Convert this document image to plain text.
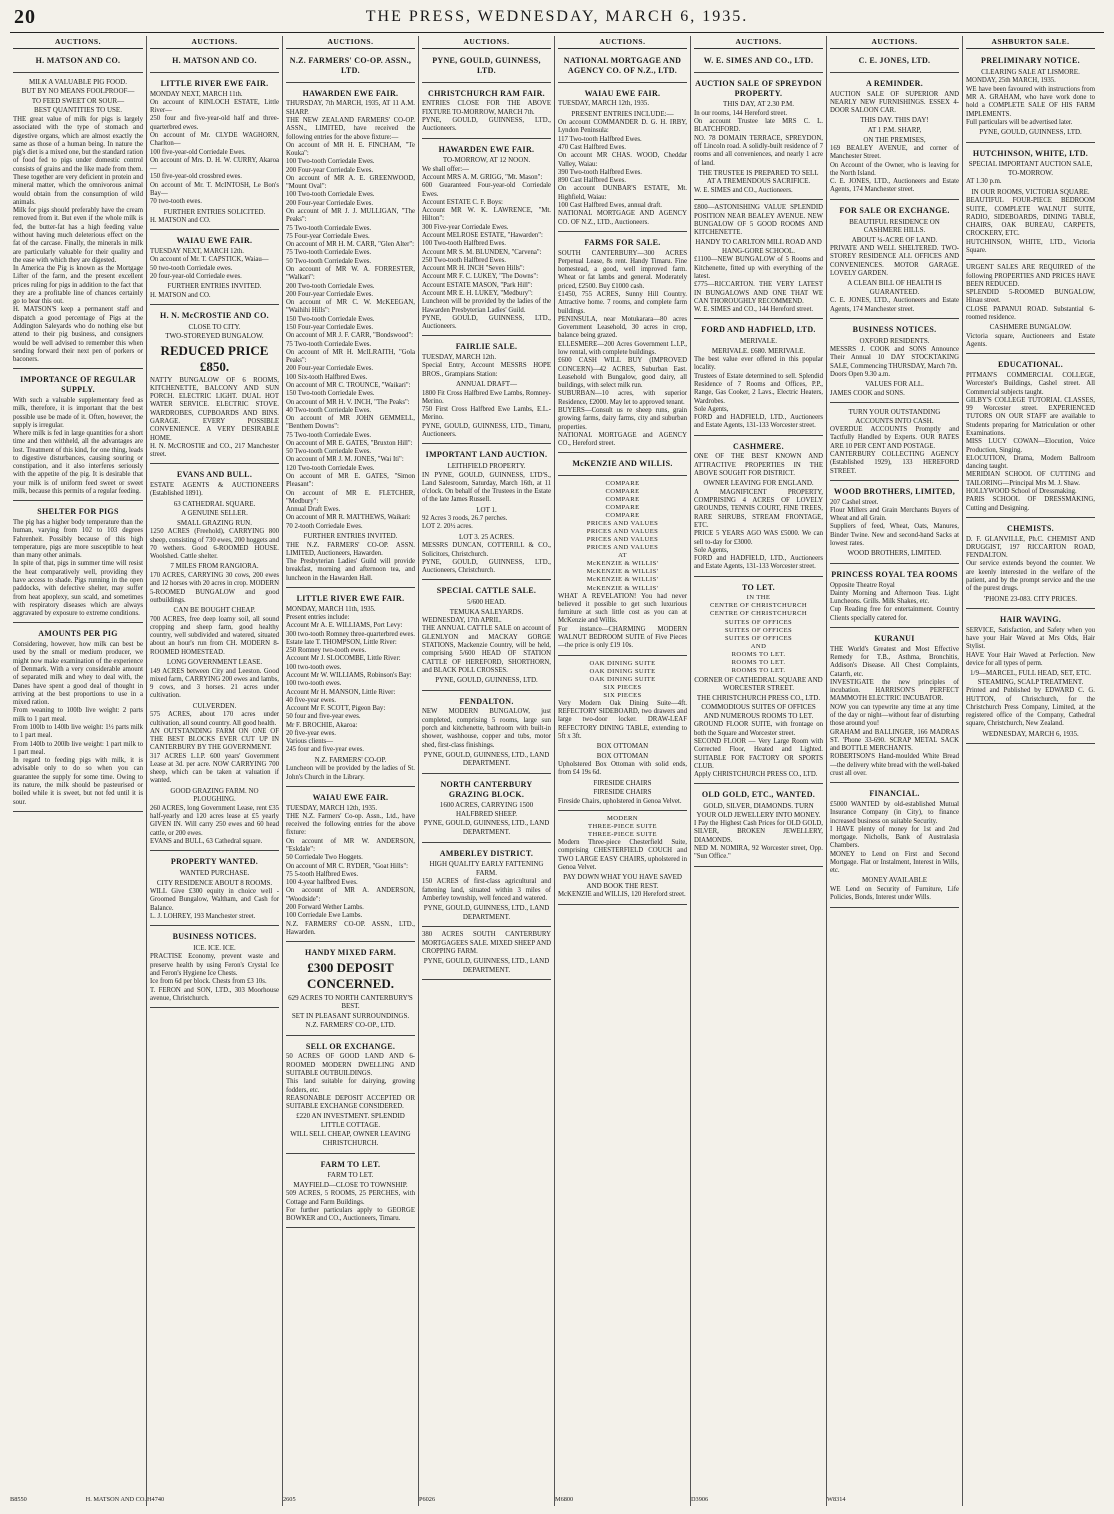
20	THE PRESS, WEDNESDAY, MARCH 6, 1935.
AUCTIONS.
H. MATSON AND CO.

MILK A VALUABLE PIG FOOD.

BUT BY NO MEANS FOOLPROOF—

TO FEED SWEET OR SOUR—

BEST QUANTITIES TO USE.

THE great value of milk for pigs is largely associated with the type of stomach and digestive organs, which are almost exactly the same as those of a human being. In nature the pig's diet is a mixed one, but the standard ration of food fed to pigs under domestic control consists of grains and the like made from them. These together are very deficient in protein and mineral matter, which the omnivorous animal would obtain from the consumption of wild animals.

Milk for pigs should preferably have the cream removed from it. But even if the whole milk is fed, the butter-fat has a high feeding value without having much deleterious effect on the fat of the carcase. Finally, the minerals in milk are particularly valuable for their quality and the ease with which they are digested.

In America the Pig is known as the Mortgage Lifter of the farm, and the present excellent prices ruling for pigs in addition to the fact that they are a profitable line of chances certainly go to bear this out.

H. MATSON'S keep a permanent staff and dispatch a good percentage of Pigs at the Addington Saleyards who do nothing else but attend to their pig business, and consigners would be well advised to remember this when sending forward their next pen of porkers or baconers.

IMPORTANCE OF REGULAR SUPPLY.

With such a valuable supplementary feed as milk, therefore, it is important that the best possible use be made of it. Often, however, the supply is irregular.

Where milk is fed in large quantities for a short time and then withheld, all the advantages are lost. Treatment of this kind, for one thing, leads to digestive disturbances, causing souring or constipation, and it also interferes seriously with the appetite of the pig. It is desirable that your milk is of uniform feed sweet or sweet milk, because this permits of a regular feeding.

SHELTER FOR PIGS

The pig has a higher body temperature than the human, varying from 102 to 103 degrees Fahrenheit. Possibly because of this high temperature, pigs are more susceptible to heat than many other animals.

In spite of that, pigs in summer time will resist the heat comparatively well, providing they have access to shade. Pigs running in the open paddocks, with defective shelter, may suffer from heat apoplexy, sun scald, and sometimes with respiratory diseases which are always aggravated by exposure to extreme conditions.

AMOUNTS PER PIG

Considering, however, how milk can best be used by the small or medium producer, we might now make examination of the experience of Denmark. With a very considerable amount of separated milk and whey to deal with, the Danes have spent a good deal of thought in arriving at the best proportions to use in a mixed ration.

From weaning to 100lb live weight: 2 parts milk to 1 part meal.

From 100lb to 140lb live weight: 1½ parts milk to 1 part meal.

From 140lb to 200lb live weight: 1 part milk to 1 part meal.

In regard to feeding pigs with milk, it is advisable only to do so when you can guarantee the supply for some time. Owing to its nature, the milk should be pasteurised or boiled while it is sweet, but not fed until it is sour.

B8550	H. MATSON AND CO.
AUCTIONS.
H. MATSON AND CO.
LITTLE RIVER EWE FAIR.

MONDAY NEXT, MARCH 11th.

On account of KINLOCH ESTATE, Little River—

250 four and five-year-old half and three-quarterbred ewes.

On account of Mr. CLYDE WAGHORN, Charlton—

100 five-year-old Corriedale Ewes.

On account of Mrs. D. H. W. CURRY, Akaroa—

150 five-year-old crossbred ewes.

On account of Mr. T. McINTOSH, Le Bon's Bay—

70 two-tooth ewes.

FURTHER ENTRIES SOLICITED.

H. MATSON and CO.

WAIAU EWE FAIR.

TUESDAY NEXT, MARCH 12th.

On account of Mr. T. CAPSTICK, Waiau—

50 two-tooth Corriedale ewes.

20 four-year-old Corriedale ewes.

FURTHER ENTRIES INVITED.

H. MATSON and CO.

H. N. McCROSTIE AND CO.

CLOSE TO CITY.

TWO-STOREYED BUNGALOW.

REDUCED PRICE £850.

NATTY BUNGALOW OF 6 ROOMS, KITCHENETTE, BALCONY AND SUN PORCH. ELECTRIC LIGHT. DUAL HOT WATER SERVICE. ELECTRIC STOVE. WARDROBES, CUPBOARDS AND BINS. GARAGE. EVERY POSSIBLE CONVENIENCE. A VERY DESIRABLE HOME.

H. N. McCROSTIE and CO., 217 Manchester street.

EVANS AND BULL.

ESTATE AGENTS & AUCTIONEERS (Established 1891).

63 CATHEDRAL SQUARE.

A GENUINE SELLER.

SMALL GRAZING RUN.

1250 ACRES (Freehold), CARRYING 800 sheep, consisting of 730 ewes, 200 hoggets and 70 wethers. Good 6-ROOMED HOUSE. Woolshed. Cattle shelter.

7 MILES FROM RANGIORA.

170 ACRES, CARRYING 30 cows, 200 ewes and 12 horses with 20 acres in crop. MODERN 5-ROOMED BUNGALOW and good outbuildings.

CAN BE BOUGHT CHEAP.

700 ACRES, free deep loamy soil, all sound cropping and sheep farm, good healthy country, well subdivided and watered, situated about an hour's run from CH. MODERN 8-ROOMED HOMESTEAD.

LONG GOVERNMENT LEASE.

149 ACRES between City and Leeston. Good mixed farm, CARRYING 200 ewes and lambs, 9 cows, and 3 horses. 21 acres under cultivation.

CULVERDEN.

575 ACRES, about 170 acres under cultivation, all sound country. All good health.

AN OUTSTANDING FARM ON ONE OF THE BEST BLOCKS EVER CUT UP IN CANTERBURY BY THE GOVERNMENT.

317 ACRES L.I.P. 600 years' Government Lease at 3d. per acre. NOW CARRYING 700 sheep, which can be taken at valuation if wanted.

GOOD GRAZING FARM. NO PLOUGHING.

260 ACRES, long Government Lease, rent £35 half-yearly and 120 acres lease at £5 yearly GIVEN IN. Will carry 250 ewes and 60 head cattle, or 200 ewes.

EVANS and BULL, 63 Cathedral square.

PROPERTY WANTED.

WANTED PURCHASE.

CITY RESIDENCE ABOUT 8 ROOMS.

WILL Give £300 equity in choice well - Groomed Bungalow, Waltham, and Cash for Balance.

L. J. LOHREY, 193 Manchester street.

BUSINESS NOTICES.

ICE. ICE. ICE.

PRACTISE Economy, prevent waste and preserve health by using Feron's Crystal Ice and Feron's Hygiene Ice Chests.

Ice from 6d per block. Chests from £3 10s.

T. FERON and SON, LTD., 303 Moorhouse avenue, Christchurch.

H4740
AUCTIONS.
N.Z. FARMERS' CO-OP. ASSN., LTD.
HAWARDEN EWE FAIR.

THURSDAY, 7th MARCH, 1935, AT 11 A.M. SHARP.

THE NEW ZEALAND FARMERS' CO-OP. ASSN., LIMITED, have received the following entries for the above fixture:—

On account of MR H. E. FINCHAM, "Te Kouka":

100 Two-tooth Corriedale Ewes.

200 Four-year Corriedale Ewes.

On account of MR A. E. GREENWOOD, "Mount Oval":

100 Two-tooth Corriedale Ewes.

200 Four-year Corriedale Ewes.

On account of MR J. J. MULLIGAN, "The Peaks":

75 Two-tooth Corriedale Ewes.

75 Four-year Corriedale Ewes.

On account of MR H. M. CARR, "Glen Alter":

75 Two-tooth Corriedale Ewes.

50 Two-tooth Corriedale Ewes.

On account of MR W. A. FORRESTER, "Walkari":

200 Two-tooth Corriedale Ewes.

200 Four-year Corriedale Ewes.

On account of MR C. W. McKEEGAN, "Waihihi Hills":

150 Two-tooth Corriedale Ewes.

150 Four-year Corriedale Ewes.

On account of MR J. F. CARR, "Bondswood":

75 Two-tooth Corriedale Ewes.

On account of MR H. McILRAITH, "Gola Peaks":

200 Four-year Corriedale Ewes.

100 Six-tooth Halfbred Ewes.

On account of MR C. TROUNCE, "Waikari":

150 Two-tooth Corriedale Ewes.

On account of MR H. V. INCH, "The Peaks":

40 Two-tooth Corriedale Ewes.

On account of MR JOHN GEMMELL, "Benthem Downs":

75 Two-tooth Corriedale Ewes.

On account of MR E. GATES, "Bruxton Hill":

50 Two-tooth Corriedale Ewes.

On account of MR J. M. JONES, "Wai Iti":

120 Two-tooth Corriedale Ewes.

On account of MR E. GATES, "Simon Pleasant":

On account of MR E. FLETCHER, "Medbury":

Annual Draft Ewes.

On account of MR R. MATTHEWS, Waikari:

70 2-tooth Corriedale Ewes.

FURTHER ENTRIES INVITED.

THE N.Z. FARMERS' CO-OP. ASSN. LIMITED, Auctioneers, Hawarden.

The Presbyterian Ladies' Guild will provide breakfast, morning and afternoon tea, and luncheon in the Hawarden Hall.

LITTLE RIVER EWE FAIR.

MONDAY, MARCH 11th, 1935.

Present entries include:

Account Mr A. E. WILLIAMS, Port Levy:

300 two-tooth Romney three-quarterbred ewes.

Estate late T. THOMPSON, Little River:

250 Romney two-tooth ewes.

Account Mr J. SLOCOMBE, Little River:

100 two-tooth ewes.

Account Mr W. WILLIAMS, Robinson's Bay:

100 two-tooth ewes.

Account Mr H. MANSON, Little River:

40 five-year ewes.

Account Mr F. SCOTT, Pigeon Bay:

50 four and five-year ewes.

Mr F. BROCHIE, Akaroa:

20 five-year ewes.

Various clients—

245 four and five-year ewes.

N.Z. FARMERS' CO-OP.

Luncheon will be provided by the ladies of St. John's Church in the Library.

WAIAU EWE FAIR.

TUESDAY, MARCH 12th, 1935.

THE N.Z. Farmers' Co-op. Assn., Ltd., have received the following entries for the above fixture:

On account of MR W. ANDERSON, "Eskdale":

50 Corriedale Two Hoggets.

On account of MR C. RYDER, "Goat Hills":

75 5-tooth Halfbred Ewes.

100 4-year halfbred Ewes.

On account of MR A. ANDERSON, "Woodside":

200 Forward Wether Lambs.

100 Corriedale Ewe Lambs.

N.Z. FARMERS' CO-OP. ASSN., LTD., Hawarden.

HANDY MIXED FARM.

£300 DEPOSIT CONCERNED.

629 ACRES TO NORTH CANTERBURY'S BEST.

SET IN PLEASANT SURROUNDINGS.

N.Z. FARMERS' CO-OP., LTD.

SELL OR EXCHANGE.

50 ACRES OF GOOD LAND AND 6-ROOMED MODERN DWELLING AND SUITABLE OUTBUILDINGS.

This land suitable for dairying, growing fodders, etc.

REASONABLE DEPOSIT ACCEPTED OR SUITABLE EXCHANGE CONSIDERED.

£220 AN INVESTMENT. SPLENDID LITTLE COTTAGE.

WILL SELL CHEAP, OWNER LEAVING CHRISTCHURCH.

FARM TO LET.

FARM TO LET.

MAYFIELD—CLOSE TO TOWNSHIP.

509 ACRES, 5 ROOMS, 25 PERCHES, with Cottage and Farm Buildings.

For further particulars apply to GEORGE BOWKER and CO., Auctioneers, Timaru.

2605
AUCTIONS.
PYNE, GOULD, GUINNESS, LTD.
CHRISTCHURCH RAM FAIR.

ENTRIES CLOSE FOR THE ABOVE FIXTURE TO-MORROW, MARCH 7th.

PYNE, GOULD, GUINNESS, LTD., Auctioneers.

HAWARDEN EWE FAIR.

TO-MORROW, AT 12 NOON.

We shall offer:—

Account MRS A. M. GRIGG, "Mt. Mason":

600 Guaranteed Four-year-old Corriedale Ewes.

Account ESTATE C. F. Boys:

Account MR W. K. LAWRENCE, "Mt. Hilton":

300 Five-year Corriedale Ewes.

Account MELROSE ESTATE, "Hawarden":

100 Two-tooth Halfbred Ewes.

Account MR S. M. BLUNDEN, "Carvena":

250 Two-tooth Halfbred Ewes.

Account MR H. INCH "Seven Hills":

Account MR F. C. LUKEY, "The Downs":

Account ESTATE MASON, "Park Hill":

Account MR E. H. LUKEY, "Medbury":

Luncheon will be provided by the ladies of the Hawarden Presbyterian Ladies' Guild.

PYNE, GOULD, GUINNESS, LTD., Auctioneers.

FAIRLIE SALE.

TUESDAY, MARCH 12th.

Special Entry, Account MESSRS HOPE BROS., Grampians Station:

ANNUAL DRAFT—

1800 Fit Cross Halfbred Ewe Lambs, Romney-Merino.

750 First Cross Halfbred Ewe Lambs, E.L.-Merino.

PYNE, GOULD, GUINNESS, LTD., Timaru, Auctioneers.

IMPORTANT LAND AUCTION.

LEITHFIELD PROPERTY.

IN PYNE, GOULD, GUINNESS, LTD'S., Land Salesroom, Saturday, March 16th, at 11 o'clock. On behalf of the Trustees in the Estate of the late James Russell.

LOT 1.

92 Acres 3 roods, 26.7 perches.

LOT 2. 20½ acres.

LOT 3. 25 ACRES.

MESSRS DUNCAN, COTTERILL & CO., Solicitors, Christchurch.

PYNE, GOULD, GUINNESS, LTD., Auctioneers, Christchurch.

SPECIAL CATTLE SALE.

5/600 HEAD.

TEMUKA SALEYARDS.

WEDNESDAY, 17th APRIL.

THE ANNUAL CATTLE SALE on account of GLENLYON and MACKAY GORGE STATIONS, Mackenzie Country, will be held, comprising 5/600 HEAD OF STATION CATTLE OF HEREFORD, SHORTHORN, and BLACK POLL CROSSES.

PYNE, GOULD, GUINNESS, LTD.

FENDALTON.

NEW MODERN BUNGALOW, just completed, comprising 5 rooms, large sun porch and kitchenette, bathroom with built-in shower, washhouse, copper and tubs, motor shed, first-class finishings.

PYNE, GOULD, GUINNESS, LTD., LAND DEPARTMENT.

NORTH CANTERBURY GRAZING BLOCK.

1600 ACRES, CARRYING 1500 HALFBRED SHEEP.

PYNE, GOULD, GUINNESS, LTD., LAND DEPARTMENT.

AMBERLEY DISTRICT.

HIGH QUALITY EARLY FATTENING FARM.

150 ACRES of first-class agricultural and fattening land, situated within 3 miles of Amberley township, well fenced and watered.

PYNE, GOULD, GUINNESS, LTD., LAND DEPARTMENT.

380 ACRES SOUTH CANTERBURY MORTGAGEES SALE. MIXED SHEEP AND CROPPING FARM.

PYNE, GOULD, GUINNESS, LTD., LAND DEPARTMENT.

P6026
AUCTIONS.
NATIONAL MORTGAGE AND AGENCY CO. OF N.Z., LTD.
WAIAU EWE FAIR.

TUESDAY, MARCH 12th, 1935.

PRESENT ENTRIES INCLUDE:—

On account COMMANDER D. G. H. IRBY, Lyndon Peninsula:

117 Two-tooth Halfbred Ewes.

470 Cast Halfbred Ewes.

On account MR CHAS. WOOD, Cheddar Valley, Waiau:

390 Two-tooth Halfbred Ewes.

890 Cast Halfbred Ewes.

On account DUNBAR'S ESTATE, Mt. Highfield, Waiau:

100 Cast Halfbred Ewes, annual draft.

NATIONAL MORTGAGE AND AGENCY CO. OF N.Z., LTD., Auctioneers.

FARMS FOR SALE.

SOUTH CANTERBURY—300 ACRES Perpetual Lease, 8s rent. Handy Timaru. Fine homestead, a good, well improved farm. Wheat or fat lambs and general. Moderately priced, £2500. Buy £1000 cash.

£1450, 755 ACRES, Sunny Hill Country. Attractive home. 7 rooms, and complete farm buildings.

PENINSULA, near Motukarara—80 acres Government Leasehold, 30 acres in crop, balance being grazed.

ELLESMERE—200 Acres Government L.I.P., low rental, with complete buildings.

£600 CASH WILL BUY (IMPROVED CONCERN)—42 ACRES, Suburban East. Leasehold with Bungalow, good dairy, all buildings, with select milk run.

SUBURBAN—10 acres, with superior Residence, £2000. May let to approved tenant.

BUYERS—Consult us re sheep runs, grain growing farms, dairy farms, city and suburban properties.

NATIONAL MORTGAGE and AGENCY CO., Hereford street.

McKENZIE AND WILLIS.
COMPARE
COMPARE
COMPARE
COMPARE
COMPARE
PRICES AND VALUES
PRICES AND VALUES
PRICES AND VALUES
PRICES AND VALUES
AT
McKENZIE & WILLIS'
McKENZIE & WILLIS'
McKENZIE & WILLIS'
McKENZIE & WILLIS'

WHAT A REVELATION! You had never believed it possible to get such luxurious furniture at such little cost as you can at McKenzie and Willis.

For instance—CHARMING MODERN WALNUT BEDROOM SUITE of Five Pieces—the price is only £19 10s.

OAK DINING SUITE
OAK DINING SUITE
OAK DINING SUITE
SIX PIECES
SIX PIECES

Very Modern Oak Dining Suite—4ft. REFECTORY SIDEBOARD, two drawers and large two-door locker. DRAW-LEAF REFECTORY DINING TABLE, extending to 5ft x 3ft.

BOX OTTOMAN

BOX OTTOMAN

Upholstered Box Ottoman with solid ends, from £4 19s 6d.

FIRESIDE CHAIRS

FIRESIDE CHAIRS

Fireside Chairs, upholstered in Genoa Velvet.

MODERN
THREE-PIECE SUITE
THREE-PIECE SUITE

Modern Three-piece Chesterfield Suite, comprising CHESTERFIELD COUCH and TWO LARGE EASY CHAIRS, upholstered in Genoa Velvet.

PAY DOWN WHAT YOU HAVE SAVED AND BOOK THE REST.

McKENZIE and WILLIS, 120 Hereford street.

M6800
AUCTIONS.
W. E. SIMES AND CO., LTD.
AUCTION SALE OF SPREYDON PROPERTY.

THIS DAY, AT 2.30 P.M.

In our rooms, 144 Hereford street.

On account Trustee late MRS C. L. BLATCHFORD.

NO. 78 DOMAIN TERRACE, SPREYDON, off Lincoln road. A solidly-built residence of 7 rooms and all conveniences, and nearly 1 acre of land.

THE TRUSTEE IS PREPARED TO SELL AT A TREMENDOUS SACRIFICE.

W. E. SIMES and CO., Auctioneers.

£800—ASTONISHING VALUE SPLENDID POSITION NEAR BEALEY AVENUE. NEW BUNGALOW OF 5 GOOD ROOMS AND KITCHENETTE.

HANDY TO CARLTON MILL ROAD AND HANG-GORE SCHOOL.

£1100—NEW BUNGALOW of 5 Rooms and Kitchenette, fitted up with everything of the latest.

£775—RICCARTON. THE VERY LATEST IN BUNGALOWS AND ONE THAT WE CAN THOROUGHLY RECOMMEND.

W. E. SIMES and CO., 144 Hereford street.

FORD AND HADFIELD, LTD.

MERIVALE.

MERIVALE. £680. MERIVALE.

The best value ever offered in this popular locality.

Trustees of Estate determined to sell. Splendid Residence of 7 Rooms and Offices, P.P., Range, Gas Cooker, 2 Lavs., Electric Heaters, Wardrobes.

Sole Agents,

FORD and HADFIELD, LTD., Auctioneers and Estate Agents, 131-133 Worcester street.

CASHMERE.

ONE OF THE BEST KNOWN AND ATTRACTIVE PROPERTIES IN THE ABOVE SOUGHT FOR DISTRICT.

OWNER LEAVING FOR ENGLAND.

A MAGNIFICENT PROPERTY, COMPRISING 4 ACRES OF LOVELY GROUNDS, TENNIS COURT, FINE TREES, RARE SHRUBS, STREAM FRONTAGE, ETC.

PRICE 5 YEARS AGO WAS £5000. We can sell to-day for £3000.

Sole Agents,

FORD and HADFIELD, LTD., Auctioneers and Estate Agents, 131-133 Worcester street.

TO LET.
IN THE
CENTRE OF CHRISTCHURCH
CENTRE OF CHRISTCHURCH
SUITES OF OFFICES
SUITES OF OFFICES
SUITES OF OFFICES
AND
ROOMS TO LET.
ROOMS TO LET.
ROOMS TO LET.

CORNER OF CATHEDRAL SQUARE AND WORCESTER STREET.

THE CHRISTCHURCH PRESS CO., LTD.

COMMODIOUS SUITES OF OFFICES AND NUMEROUS ROOMS TO LET.

GROUND FLOOR SUITE, with frontage on both the Square and Worcester street.

SECOND FLOOR — Very Large Room with Corrected Floor, Heated and Lighted. SUITABLE FOR FACTORY OR SPORTS CLUB.

Apply CHRISTCHURCH PRESS CO., LTD.

OLD GOLD, ETC., WANTED.

GOLD, SILVER, DIAMONDS. TURN YOUR OLD JEWELLERY INTO MONEY.

I Pay the Highest Cash Prices for OLD GOLD, SILVER, BROKEN JEWELLERY, DIAMONDS.

NED M. NOMIRA, 92 Worcester street, Opp. "Sun Office."

D3906
AUCTIONS.
C. E. JONES, LTD.
A REMINDER.

AUCTION SALE OF SUPERIOR AND NEARLY NEW FURNISHINGS. ESSEX 4-DOOR SALOON CAR.

THIS DAY. THIS DAY!

AT 1 P.M. SHARP,

ON THE PREMISES,

169 BEALEY AVENUE, and corner of Manchester Street.

On Account of the Owner, who is leaving for the North Island.

C. E. JONES, LTD., Auctioneers and Estate Agents, 174 Manchester street.

FOR SALE OR EXCHANGE.

BEAUTIFUL RESIDENCE ON CASHMERE HILLS.

ABOUT ¼-ACRE OF LAND.

PRIVATE AND WELL SHELTERED. TWO-STOREY RESIDENCE ALL OFFICES AND CONVENIENCES. MOTOR GARAGE. LOVELY GARDEN.

A CLEAN BILL OF HEALTH IS GUARANTEED.

C. E. JONES, LTD., Auctioneers and Estate Agents, 174 Manchester street.

BUSINESS NOTICES.

OXFORD RESIDENTS.

MESSRS J. COOK and SONS Announce Their Annual 10 DAY STOCKTAKING SALE, Commencing THURSDAY, March 7th.

Doors Open 9.30 a.m.

VALUES FOR ALL.

JAMES COOK and SONS.

TURN YOUR OUTSTANDING ACCOUNTS INTO CASH.

OVERDUE ACCOUNTS Promptly and Tactfully Handled by Experts. OUR RATES ARE 10 PER CENT AND POSTAGE.

CANTERBURY COLLECTING AGENCY (Established 1929), 133 HEREFORD STREET.

WOOD BROTHERS, LIMITED,

207 Cashel street.

Flour Millers and Grain Merchants Buyers of Wheat and all Grain.

Suppliers of feed, Wheat, Oats, Manures, Binder Twine. New and second-hand Sacks at lowest rates.

WOOD BROTHERS, LIMITED.

PRINCESS ROYAL TEA ROOMS

Opposite Theatre Royal

Dainty Morning and Afternoon Teas. Light Luncheons. Grills. Milk Shakes, etc.

Cup Reading free for entertainment. Country Clients specially catered for.

KURANUI

THE World's Greatest and Most Effective Remedy for T.B., Asthma, Bronchitis, Addison's Disease. All Chest Complaints, Catarrh, etc.

INVESTIGATE the new principles of incubation. HARRISON'S PERFECT MAMMOTH ELECTRIC INCUBATOR.

NOW you can typewrite any time at any time of the day or night—without fear of disturbing those around you!

GRAHAM and BALLINGER, 166 MADRAS ST. 'Phone 33-690. SCRAP METAL SACK and BOTTLE MERCHANTS.

ROBERTSON'S Hand-moulded White Bread—the delivery white bread with the well-baked crust all over.

FINANCIAL.

£5000 WANTED by old-established Mutual Insurance Company (in City), to finance increased business on suitable Security.

I HAVE plenty of money for 1st and 2nd mortgage. Nicholls, Bank of Australasia Chambers.

MONEY to Lend on First and Second Mortgage. Flat or Instalment, Interest in Wills, etc.

MONEY AVAILABLE

WE Lend on Security of Furniture, Life Policies, Bonds, Interest under Wills.

W8314
ASHBURTON SALE.
PRELIMINARY NOTICE.

CLEARING SALE AT LISMORE.

MONDAY, 25th MARCH, 1935.

WE have been favoured with instructions from MR A. GRAHAM, who have work done to hold a COMPLETE SALE OF HIS FARM IMPLEMENTS.

Full particulars will be advertised later.

PYNE, GOULD, GUINNESS, LTD.

HUTCHINSON, WHITE, LTD.

SPECIAL IMPORTANT AUCTION SALE, TO-MORROW.

AT 1.30 p.m.

IN OUR ROOMS, VICTORIA SQUARE.

BEAUTIFUL FOUR-PIECE BEDROOM SUITE, COMPLETE WALNUT SUITE, RADIO, SIDEBOARDS, DINING TABLE, CHAIRS, OAK BUREAU, CARPETS, CROCKERY, ETC.

HUTCHINSON, WHITE, LTD., Victoria Square.

URGENT SALES ARE REQUIRED of the following PROPERTIES AND PRICES HAVE BEEN REDUCED.

SPLENDID 5-ROOMED BUNGALOW, Hinau street.

CLOSE PAPANUI ROAD. Substantial 6-roomed residence.

CASHMERE BUNGALOW.

Victoria square, Auctioneers and Estate Agents.

EDUCATIONAL.

PITMAN'S COMMERCIAL COLLEGE, Worcester's Buildings, Cashel street. All Commercial subjects taught.

GILBY'S COLLEGE TUTORIAL CLASSES, 99 Worcester street. EXPERIENCED TUTORS ON OUR STAFF are available to Students preparing for Matriculation or other Examinations.

MISS LUCY COWAN—Elocution, Voice Production, Singing.

ELOCUTION, Drama, Modern Ballroom dancing taught.

MERIDIAN SCHOOL OF CUTTING and TAILORING—Principal Mrs M. J. Shaw.

HOLLYWOOD School of Dressmaking.

PARIS SCHOOL OF DRESSMAKING, Cutting and Designing.

CHEMISTS.

D. F. GLANVILLE, Ph.C. CHEMIST AND DRUGGIST, 197 RICCARTON ROAD, FENDALTON.

Our service extends beyond the counter. We are keenly interested in the welfare of the patient, and by the prompt service and the use of the purest drugs.

'PHONE 23-083. CITY PRICES.

HAIR WAVING.

SERVICE, Satisfaction, and Safety when you have your Hair Waved at Mrs Olds, Hair Stylist.

HAVE Your Hair Waved at Perfection. New device for all types of perm.

1/9—MARCEL, FULL HEAD, SET, ETC. STEAMING, SCALP TREATMENT.

Printed and Published by EDWARD C. G. HUTTON, of Christchurch, for the Christchurch Press Company, Limited, at the registered office of the Company, Cathedral square, Christchurch, New Zealand.

WEDNESDAY, MARCH 6, 1935.
